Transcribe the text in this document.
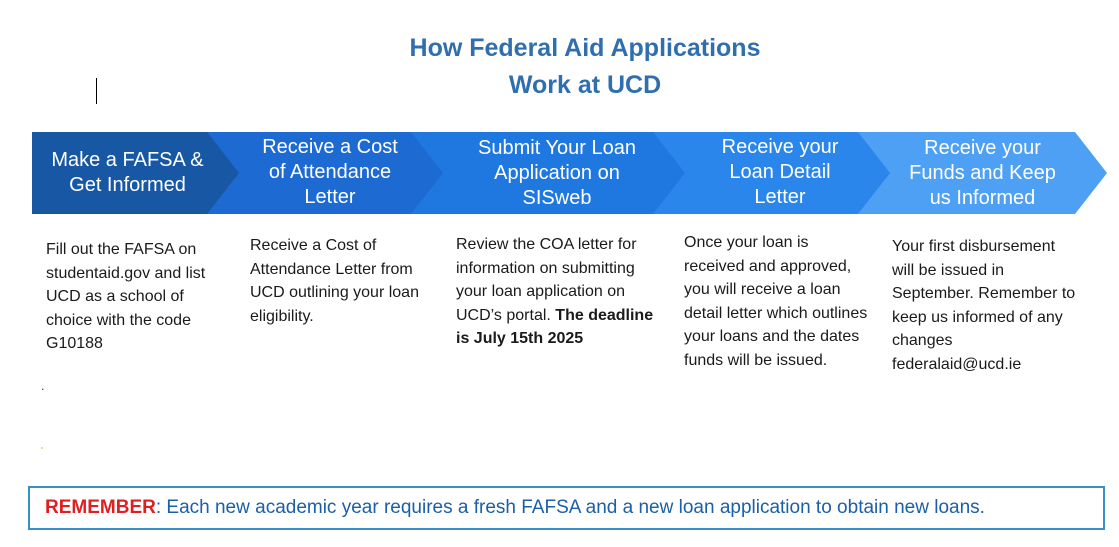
How Federal Aid Applications
Work at UCD
Make a FAFSA &
Get Informed
Receive a Cost
of Attendance
Letter
Submit Your Loan
Application on
SISweb
Receive your
Loan Detail
Letter
Receive your
Funds and Keep
us Informed
Fill out the FAFSA on studentaid.gov and list UCD as a school of choice with the code G10188
Receive a Cost of Attendance Letter from UCD outlining your loan eligibility.
Review the COA letter for information on submitting your loan application on UCD’s portal. The deadline is July 15th 2025
Once your loan is received and approved, you will receive a loan detail letter which outlines your loans and the dates funds will be issued.
Your first disbursement will be issued in September. Remember to keep us informed of any changes federalaid@ucd.ie
.
REMEMBER : Each new academic year requires a fresh FAFSA and a new loan application to obtain new loans.
